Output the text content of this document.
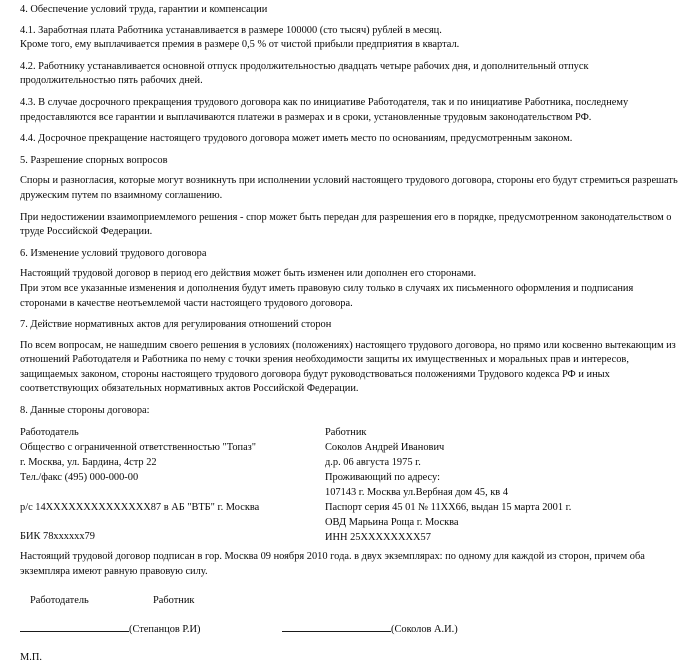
4. Обеспечение условий труда, гарантии и компенсации
4.1. Заработная плата Работника устанавливается в размере 100000 (сто тысяч) рублей в месяц.
Кроме того, ему выплачивается премия в размере 0,5 % от чистой прибыли предприятия в квартал.
4.2. Работнику устанавливается основной отпуск продолжительностью двадцать четыре рабочих дня, и дополнительный отпуск продолжительностью пять рабочих дней.
4.3. В случае досрочного прекращения трудового договора как по инициативе Работодателя, так и по инициативе Работника, последнему предоставляются все гарантии и выплачиваются платежи в размерах и в сроки, установленные трудовым законодательством РФ.
4.4. Досрочное прекращение настоящего трудового договора может иметь место по основаниям, предусмотренным законом.
5. Разрешение спорных вопросов
Споры и разногласия, которые могут возникнуть при исполнении условий настоящего трудового договора, стороны его будут стремиться разрешать дружеским путем по взаимному соглашению.
При недостижении взаимоприемлемого решения - спор может быть передан для разрешения его в порядке, предусмотренном законодательством о труде Российской Федерации.
6. Изменение условий трудового договора
Настоящий трудовой договор в период его действия может быть изменен или дополнен его сторонами.
При этом все указанные изменения и дополнения будут иметь правовую силу только в случаях их письменного оформления и подписания сторонами в качестве неотъемлемой части настоящего трудового договора.
7. Действие нормативных актов для регулирования отношений сторон
По всем вопросам, не нашедшим своего решения в условиях (положениях) настоящего трудового договора, но прямо или косвенно вытекающим из отношений Работодателя и Работника по нему с точки зрения необходимости защиты их имущественных и моральных прав и интересов, защищаемых законом, стороны настоящего трудового договора будут руководствоваться положениями Трудового кодекса РФ и иных соответствующих обязательных нормативных актов Российской Федерации.
8. Данные стороны договора:
Работодатель
Общество с ограниченной ответственностью "Топаз"
г. Москва, ул. Бардина, 4стр 22
Тел./факс (495) 000-000-00
р/с 14XXXXXXXXXXXXXX87 в АБ "ВТБ" г. Москва
БИК 78xxxxxx79
Работник
Соколов Андрей Иванович
д.р. 06 августа 1975 г.
Проживающий по адресу:
107143 г. Москва ул.Вербная дом 45, кв 4
Паспорт серия 45 01 № 11XX66, выдан 15 марта 2001 г.
ОВД Марьина Роща г. Москва
ИНН 25XXXXXXXX57
Настоящий трудовой договор подписан в гор. Москва 09 ноября 2010 года. в двух экземплярах: по одному для каждой из сторон, причем оба экземпляра имеют равную правовую силу.
Работодатель	Работник
(Степанцов Р.И)	(Соколов А.И.)
М.П.
